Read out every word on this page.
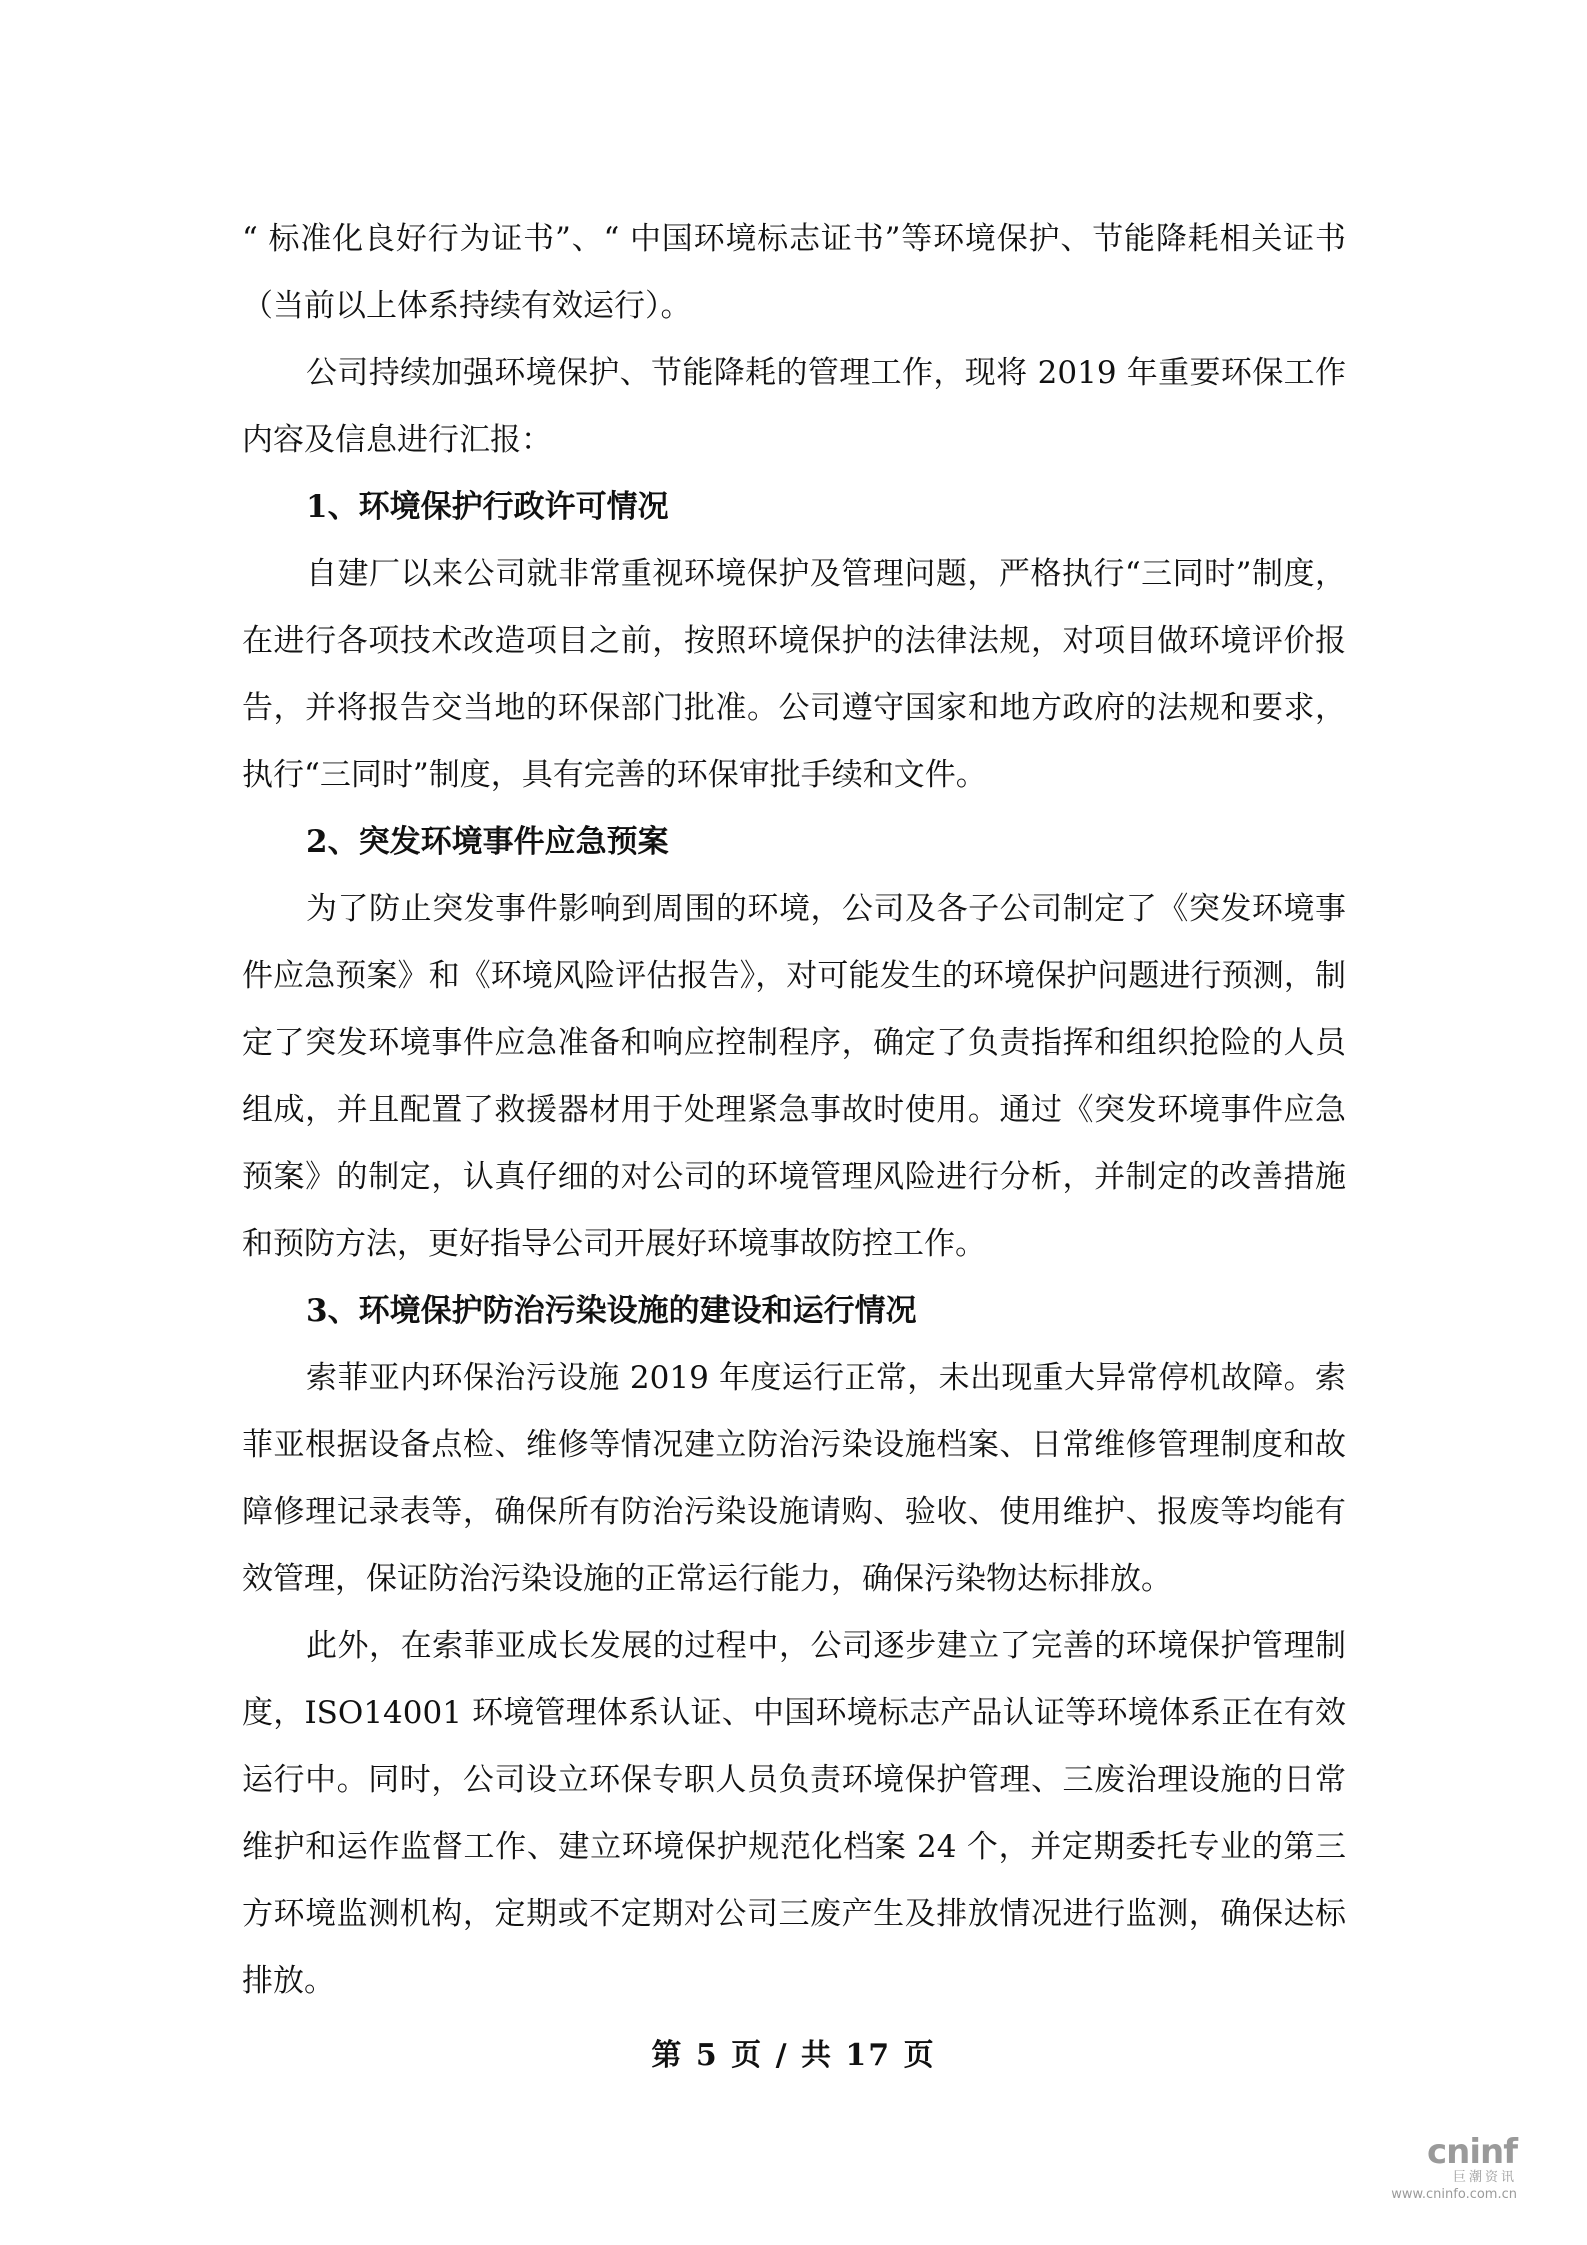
“ 标准化良好行为证书”、“ 中国环境标志证书”等环境保护、节能降耗相关证书（当前以上体系持续有效运行）。

公司持续加强环境保护、节能降耗的管理工作，现将 2019 年重要环保工作内容及信息进行汇报：

1、环境保护行政许可情况

自建厂以来公司就非常重视环境保护及管理问题，严格执行“三同时”制度，在进行各项技术改造项目之前，按照环境保护的法律法规，对项目做环境评价报告，并将报告交当地的环保部门批准。公司遵守国家和地方政府的法规和要求，执行“三同时”制度，具有完善的环保审批手续和文件。

2、突发环境事件应急预案

为了防止突发事件影响到周围的环境，公司及各子公司制定了《突发环境事件应急预案》和《环境风险评估报告》，对可能发生的环境保护问题进行预测，制定了突发环境事件应急准备和响应控制程序，确定了负责指挥和组织抢险的人员组成，并且配置了救援器材用于处理紧急事故时使用。通过《突发环境事件应急预案》的制定，认真仔细的对公司的环境管理风险进行分析，并制定的改善措施和预防方法，更好指导公司开展好环境事故防控工作。

3、环境保护防治污染设施的建设和运行情况

索菲亚内环保治污设施 2019 年度运行正常，未出现重大异常停机故障。索菲亚根据设备点检、维修等情况建立防治污染设施档案、日常维修管理制度和故障修理记录表等，确保所有防治污染设施请购、验收、使用维护、报废等均能有效管理，保证防治污染设施的正常运行能力，确保污染物达标排放。

此外，在索菲亚成长发展的过程中，公司逐步建立了完善的环境保护管理制度，ISO14001 环境管理体系认证、中国环境标志产品认证等环境体系正在有效运行中。同时，公司设立环保专职人员负责环境保护管理、三废治理设施的日常维护和运作监督工作、建立环境保护规范化档案 24 个，并定期委托专业的第三方环境监测机构，定期或不定期对公司三废产生及排放情况进行监测，确保达标排放。

第 5 页 / 共 17 页
cninf
巨潮资讯
www.cninfo.com.cn
